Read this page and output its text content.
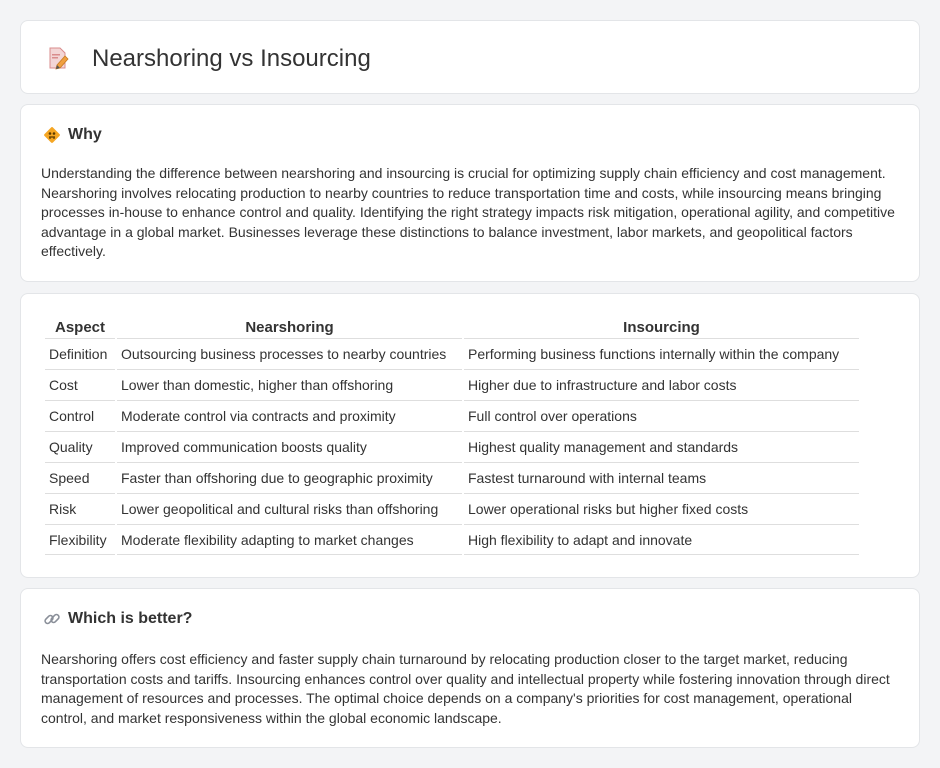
Nearshoring vs Insourcing
Why

Understanding the difference between nearshoring and insourcing is crucial for optimizing supply chain efficiency and cost management. Nearshoring involves relocating production to nearby countries to reduce transportation time and costs, while insourcing means bringing processes in-house to enhance control and quality. Identifying the right strategy impacts risk mitigation, operational agility, and competitive advantage in a global market. Businesses leverage these distinctions to balance investment, labor markets, and geopolitical factors effectively.

Aspect	Nearshoring	Insourcing
Definition	Outsourcing business processes to nearby countries	Performing business functions internally within the company
Cost	Lower than domestic, higher than offshoring	Higher due to infrastructure and labor costs
Control	Moderate control via contracts and proximity	Full control over operations
Quality	Improved communication boosts quality	Highest quality management and standards
Speed	Faster than offshoring due to geographic proximity	Fastest turnaround with internal teams
Risk	Lower geopolitical and cultural risks than offshoring	Lower operational risks but higher fixed costs
Flexibility	Moderate flexibility adapting to market changes	High flexibility to adapt and innovate
Which is better?

Nearshoring offers cost efficiency and faster supply chain turnaround by relocating production closer to the target market, reducing transportation costs and tariffs. Insourcing enhances control over quality and intellectual property while fostering innovation through direct management of resources and processes. The optimal choice depends on a company's priorities for cost management, operational control, and market responsiveness within the global economic landscape.
